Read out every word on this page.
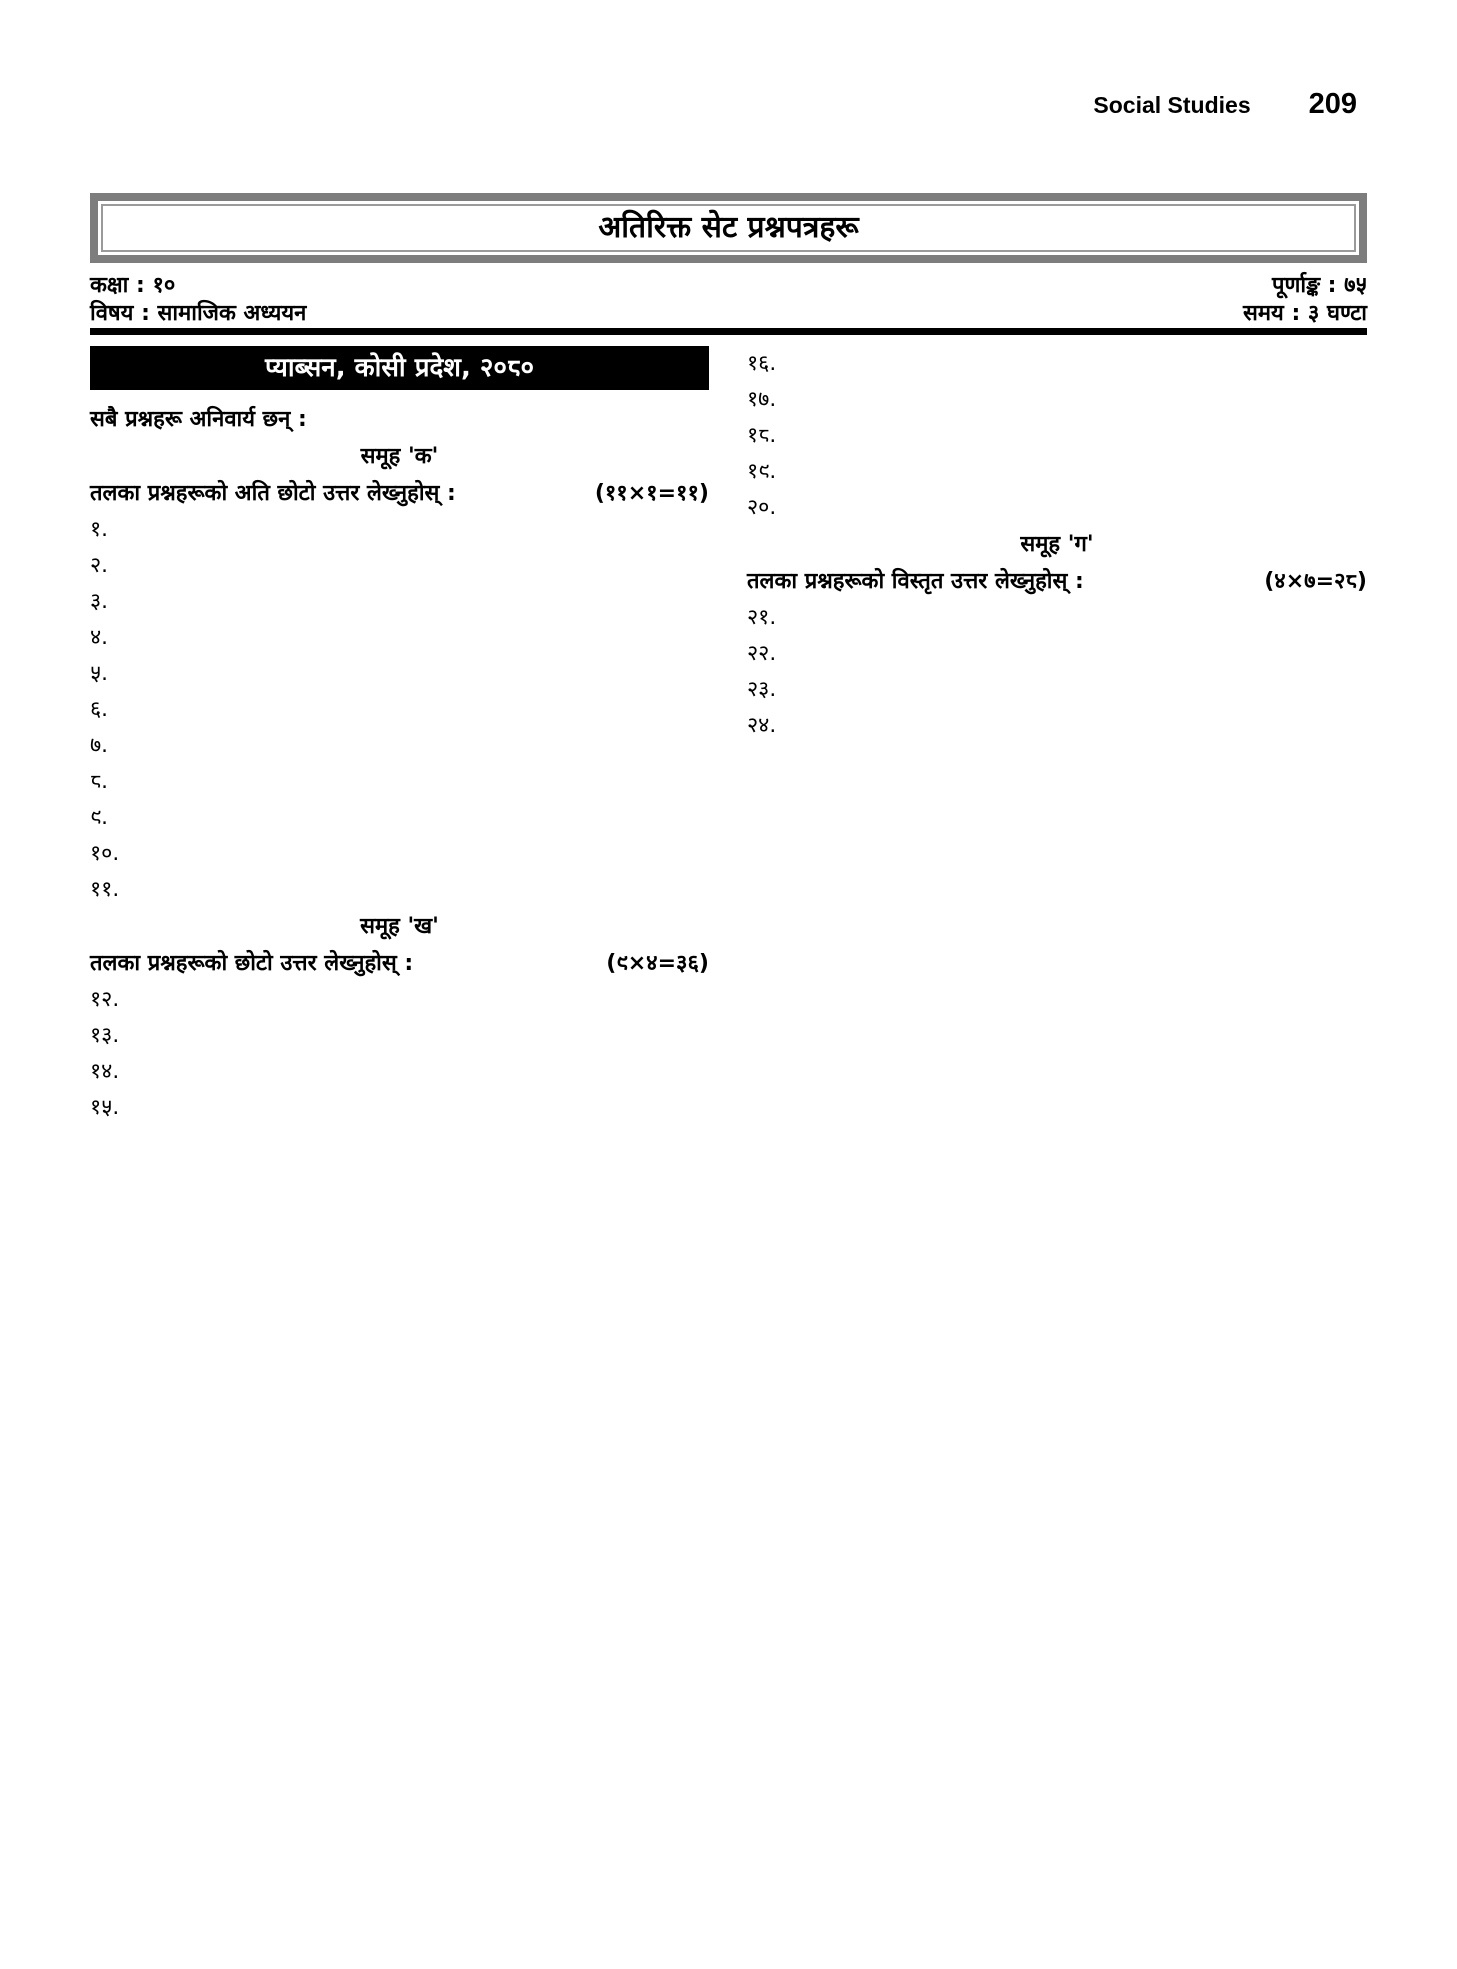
Social Studies 209
अतिरिक्त सेट प्रश्नपत्रहरू
कक्षा : १०	पूर्णाङ्क : ७५
विषय : सामाजिक अध्ययन	समय : ३ घण्टा
प्याब्सन, कोसी प्रदेश, २०८०
सबै प्रश्नहरू अनिवार्य छन् :
समूह 'क'
तलका प्रश्नहरूको अति छोटो उत्तर लेख्नुहोस् :	(११×१=११)
१.
२.
३.
४.
५.
६.
७.
८.
९.
१०.
११.
समूह 'ख'
तलका प्रश्नहरूको छोटो उत्तर लेख्नुहोस् :	(९×४=३६)
१२.
१३.
१४.
१५.
१६.
१७.
१८.
१९.
२०.
समूह 'ग'
तलका प्रश्नहरूको विस्तृत उत्तर लेख्नुहोस् :	(४×७=२८)
२१.
२२.
२३.
२४.
